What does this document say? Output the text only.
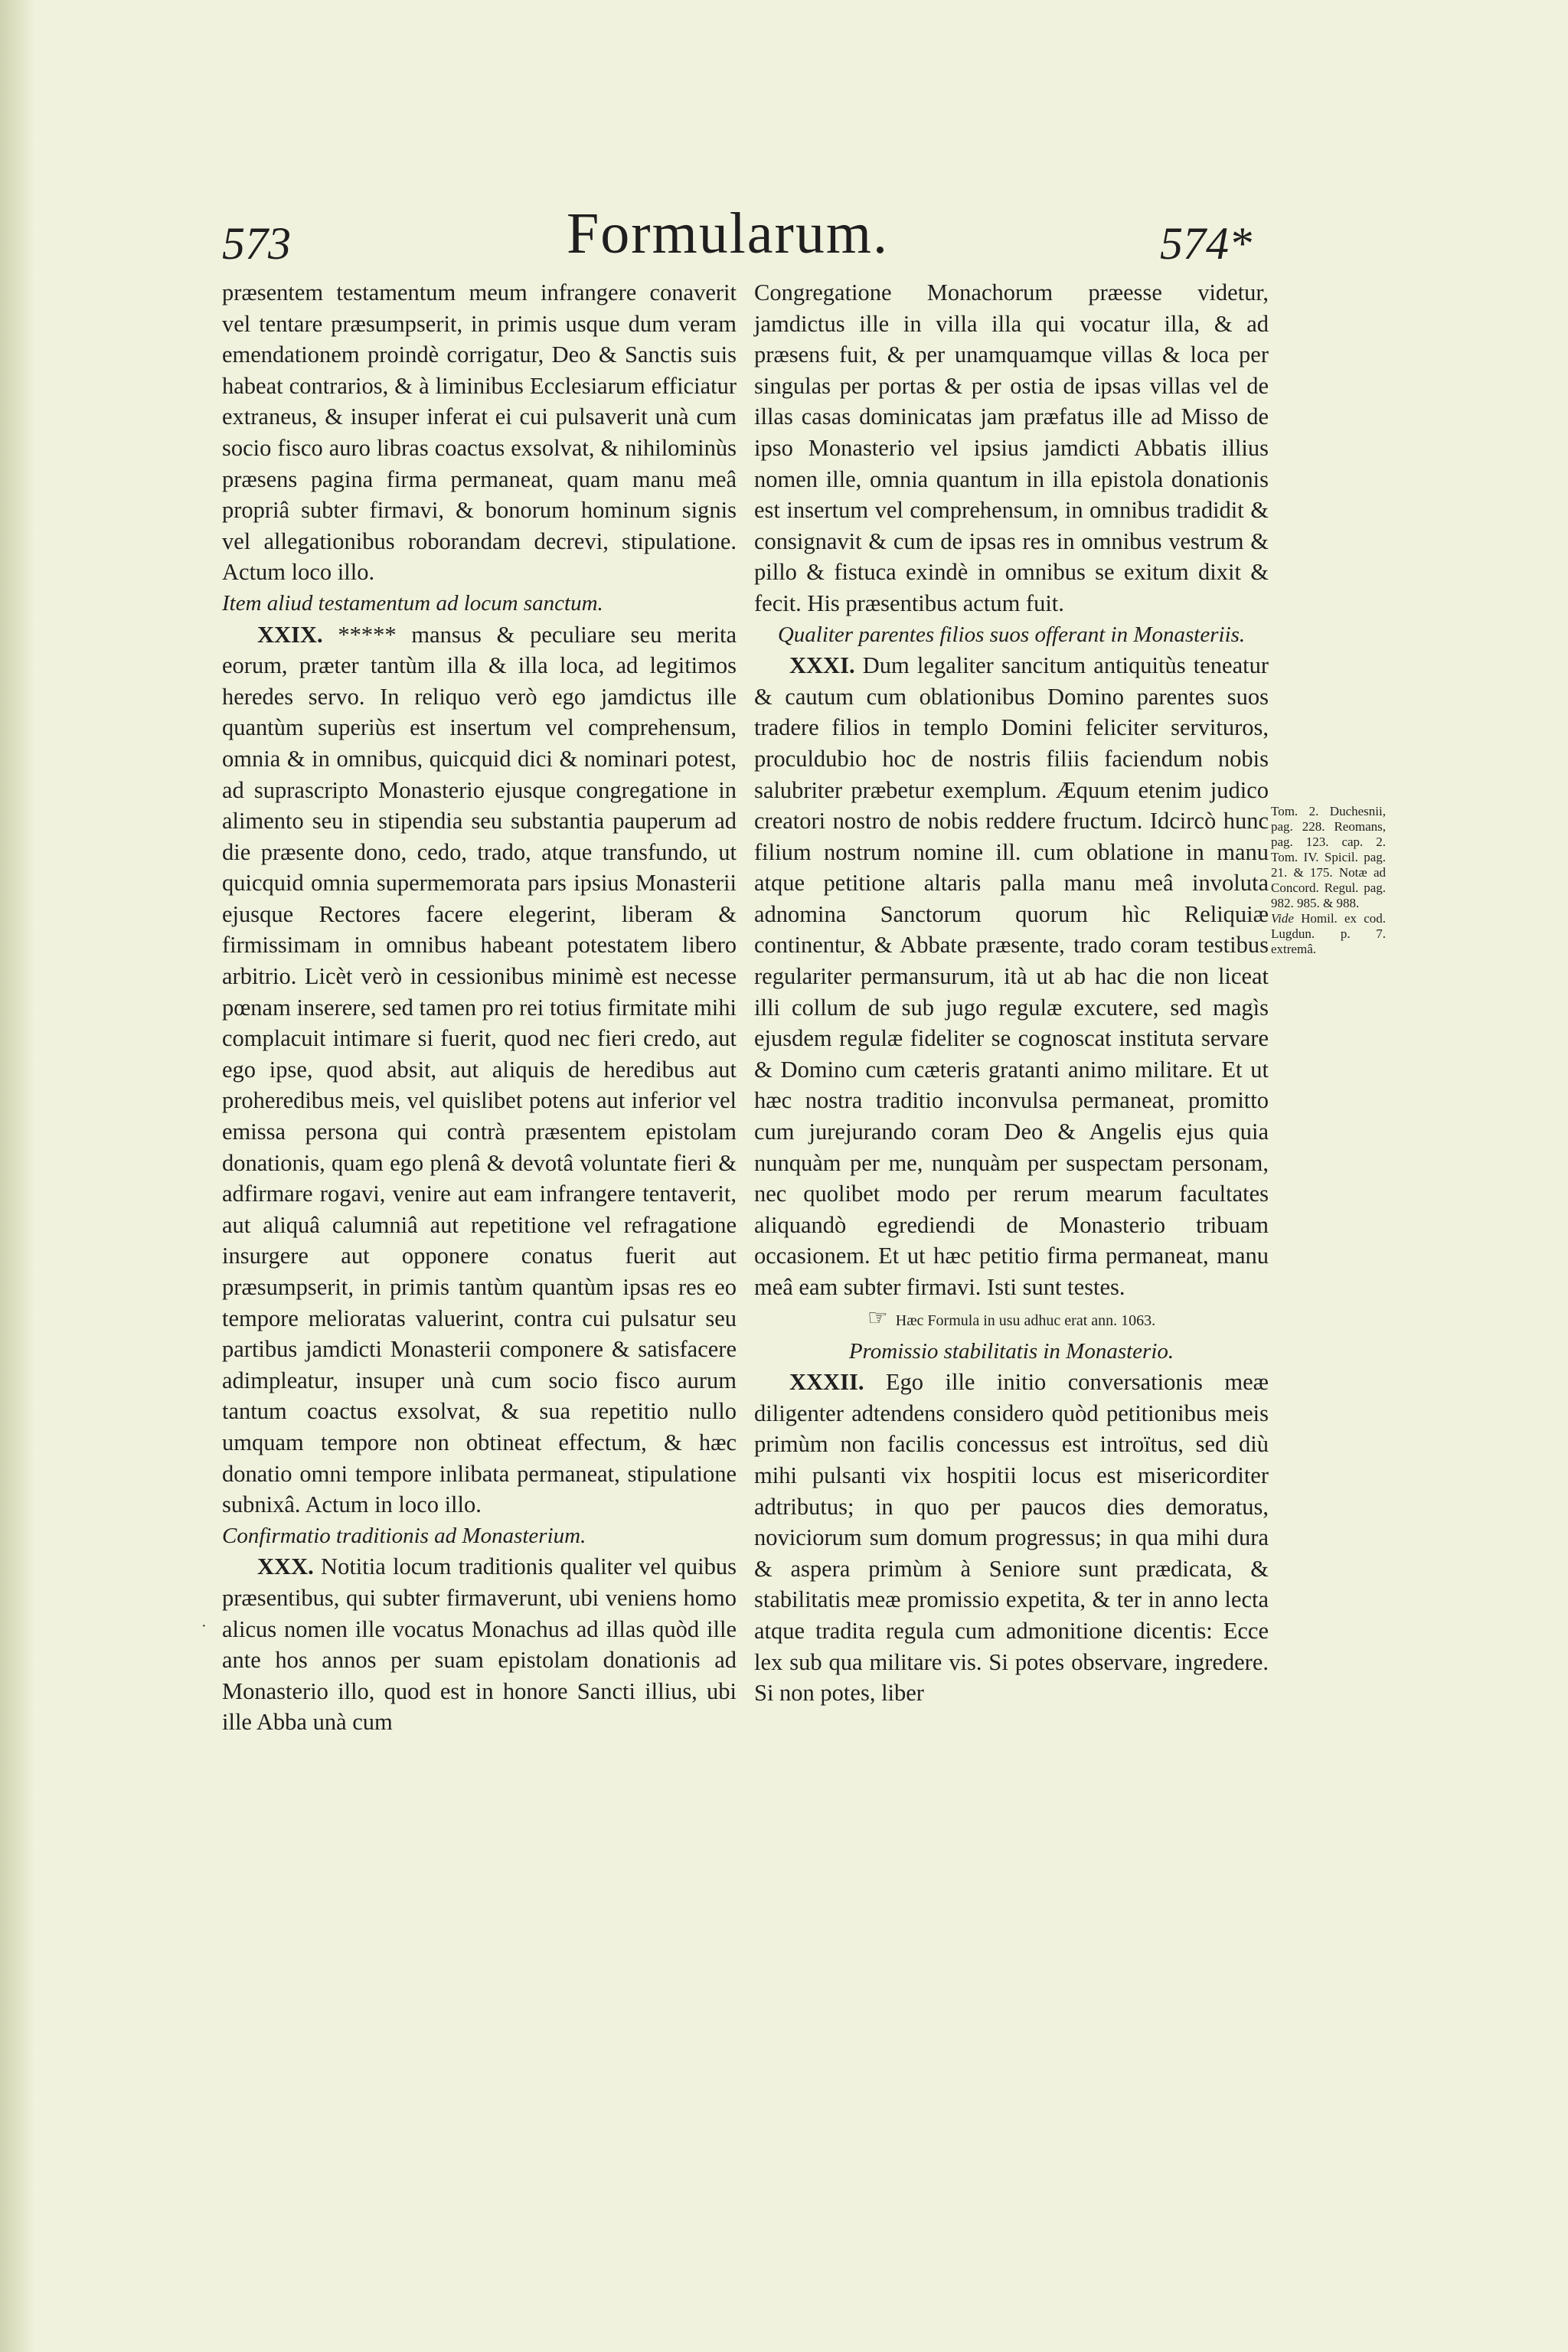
573	Formularum.	574*

præsentem testamentum meum infrangere conaverit vel tentare præsumpserit, in primis usque dum veram emendationem proindè corrigatur, Deo & Sanctis suis habeat contrarios, & à liminibus Ecclesiarum efficiatur extraneus, & insuper inferat ei cui pulsaverit unà cum socio fisco auro libras coactus exsolvat, & nihilominùs præsens pagina firma permaneat, quam manu meâ propriâ subter firmavi, & bonorum hominum signis vel allegationibus roborandam decrevi, stipulatione. Actum loco illo.

Item aliud testamentum ad locum sanctum.

XXIX. ***** mansus & peculiare seu merita eorum, præter tantùm illa & illa loca, ad legitimos heredes servo. In reliquo verò ego jamdictus ille quantùm superiùs est insertum vel comprehensum, omnia & in omnibus, quicquid dici & nominari potest, ad suprascripto Monasterio ejusque congregatione in alimento seu in stipendia seu substantia pauperum ad die præsente dono, cedo, trado, atque transfundo, ut quicquid omnia supermemorata pars ipsius Monasterii ejusque Rectores facere elegerint, liberam & firmissimam in omnibus habeant potestatem libero arbitrio. Licèt verò in cessionibus minimè est necesse pœnam inserere, sed tamen pro rei totius firmitate mihi complacuit intimare si fuerit, quod nec fieri credo, aut ego ipse, quod absit, aut aliquis de heredibus aut proheredibus meis, vel quislibet potens aut inferior vel emissa persona qui contrà præsentem epistolam donationis, quam ego plenâ & devotâ voluntate fieri & adfirmare rogavi, venire aut eam infrangere tentaverit, aut aliquâ calumniâ aut repetitione vel refragatione insurgere aut opponere conatus fuerit aut præsumpserit, in primis tantùm quantùm ipsas res eo tempore melioratas valuerint, contra cui pulsatur seu partibus jamdicti Monasterii componere & satisfacere adimpleatur, insuper unà cum socio fisco aurum tantum coactus exsolvat, & sua repetitio nullo umquam tempore non obtineat effectum, & hæc donatio omni tempore inlibata permaneat, stipulatione subnixâ. Actum in loco illo.

Confirmatio traditionis ad Monasterium.

XXX. Notitia locum traditionis qualiter vel quibus præsentibus, qui subter firmaverunt, ubi veniens homo alicus nomen ille vocatus Monachus ad illas quòd ille ante hos annos per suam epistolam donationis ad Monasterio illo, quod est in honore Sancti illius, ubi ille Abba unà cum

Congregatione Monachorum præesse videtur, jamdictus ille in villa illa qui vocatur illa, & ad præsens fuit, & per unamquamque villas & loca per singulas per portas & per ostia de ipsas villas vel de illas casas dominicatas jam præfatus ille ad Misso de ipso Monasterio vel ipsius jamdicti Abbatis illius nomen ille, omnia quantum in illa epistola donationis est insertum vel comprehensum, in omnibus tradidit & consignavit & cum de ipsas res in omnibus vestrum & pillo & fistuca exindè in omnibus se exitum dixit & fecit. His præsentibus actum fuit.

Qualiter parentes filios suos offerant in Monasteriis.

XXXI. Dum legaliter sancitum antiquitùs teneatur & cautum cum oblationibus Domino parentes suos tradere filios in templo Domini feliciter servituros, proculdubio hoc de nostris filiis faciendum nobis salubriter præbetur exemplum. Æquum etenim judico creatori nostro de nobis reddere fructum. Idcircò hunc filium nostrum nomine ill. cum oblatione in manu atque petitione altaris palla manu meâ involuta adnomina Sanctorum quorum hìc Reliquiæ continentur, & Abbate præsente, trado coram testibus regulariter permansurum, ità ut ab hac die non liceat illi collum de sub jugo regulæ excutere, sed magìs ejusdem regulæ fideliter se cognoscat instituta servare & Domino cum cæteris gratanti animo militare. Et ut hæc nostra traditio inconvulsa permaneat, promitto cum jurejurando coram Deo & Angelis ejus quia nunquàm per me, nunquàm per suspectam personam, nec quolibet modo per rerum mearum facultates aliquandò egrediendi de Monasterio tribuam occasionem. Et ut hæc petitio firma permaneat, manu meâ eam subter firmavi. Isti sunt testes.

☞ Hæc Formula in usu adhuc erat ann. 1063.

Promissio stabilitatis in Monasterio.

XXXII. Ego ille initio conversationis meæ diligenter adtendens considero quòd petitionibus meis primùm non facilis concessus est introïtus, sed diù mihi pulsanti vix hospitii locus est misericorditer adtributus; in quo per paucos dies demoratus, noviciorum sum domum progressus; in qua mihi dura & aspera primùm à Seniore sunt prædicata, & stabilitatis meæ promissio expetita, & ter in anno lecta atque tradita regula cum admonitione dicentis: Ecce lex sub qua militare vis. Si potes observare, ingredere. Si non potes, liber

Tom. 2. Duchesnii, pag. 228. Reomans, pag. 123. cap. 2. Tom. IV. Spicil. pag. 21. & 175. Notæ ad Concord. Regul. pag. 982. 985. & 988.

Vide Homil. ex cod. Lugdun. p. 7. extremâ.

·
